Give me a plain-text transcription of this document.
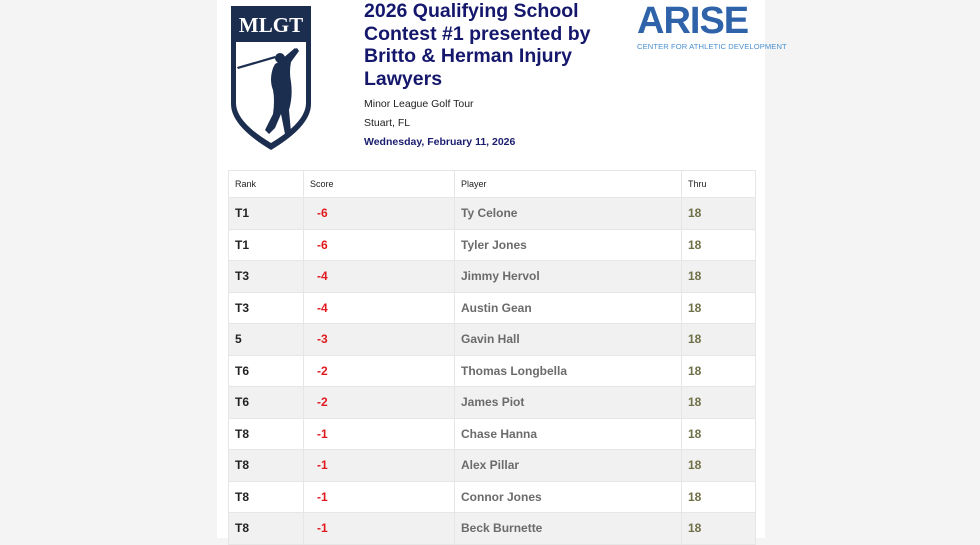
MLGT
2026 Qualifying School Contest #1 presented by Britto & Herman Injury Lawyers
Minor League Golf Tour
Stuart, FL
Wednesday, February 11, 2026
ARISE
CENTER FOR ATHLETIC DEVELOPMENT
Rank	Score	Player	Thru
T1	-6	Ty Celone	18
T1	-6	Tyler Jones	18
T3	-4	Jimmy Hervol	18
T3	-4	Austin Gean	18
5	-3	Gavin Hall	18
T6	-2	Thomas Longbella	18
T6	-2	James Piot	18
T8	-1	Chase Hanna	18
T8	-1	Alex Pillar	18
T8	-1	Connor Jones	18
T8	-1	Beck Burnette	18
